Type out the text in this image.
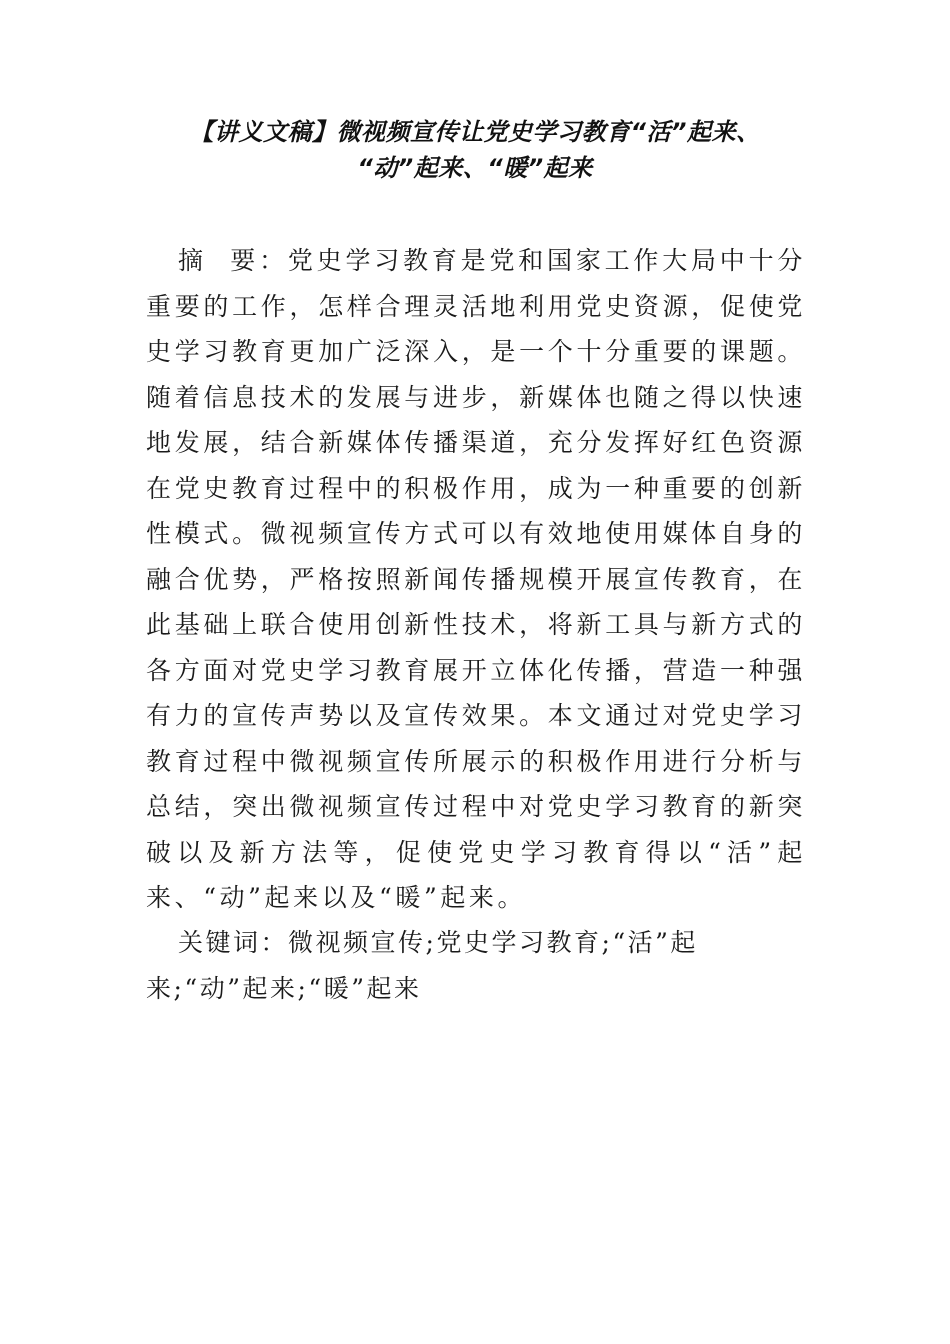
【讲义文稿】微视频宣传让党史学习教育“活”起来、
“动”起来、“暖”起来

摘  要：党史学习教育是党和国家工作大局中十分重要的工作，怎样合理灵活地利用党史资源，促使党史学习教育更加广泛深入，是一个十分重要的课题。随着信息技术的发展与进步，新媒体也随之得以快速地发展，结合新媒体传播渠道，充分发挥好红色资源在党史教育过程中的积极作用，成为一种重要的创新性模式。微视频宣传方式可以有效地使用媒体自身的融合优势，严格按照新闻传播规模开展宣传教育，在此基础上联合使用创新性技术，将新工具与新方式的各方面对党史学习教育展开立体化传播，营造一种强有力的宣传声势以及宣传效果。本文通过对党史学习教育过程中微视频宣传所展示的积极作用进行分析与总结，突出微视频宣传过程中对党史学习教育的新突破以及新方法等，促使党史学习教育得以“活”起来、“动”起来以及“暖”起来。

关键词：微视频宣传;党史学习教育;“活”起来;“动”起来;“暖”起来
